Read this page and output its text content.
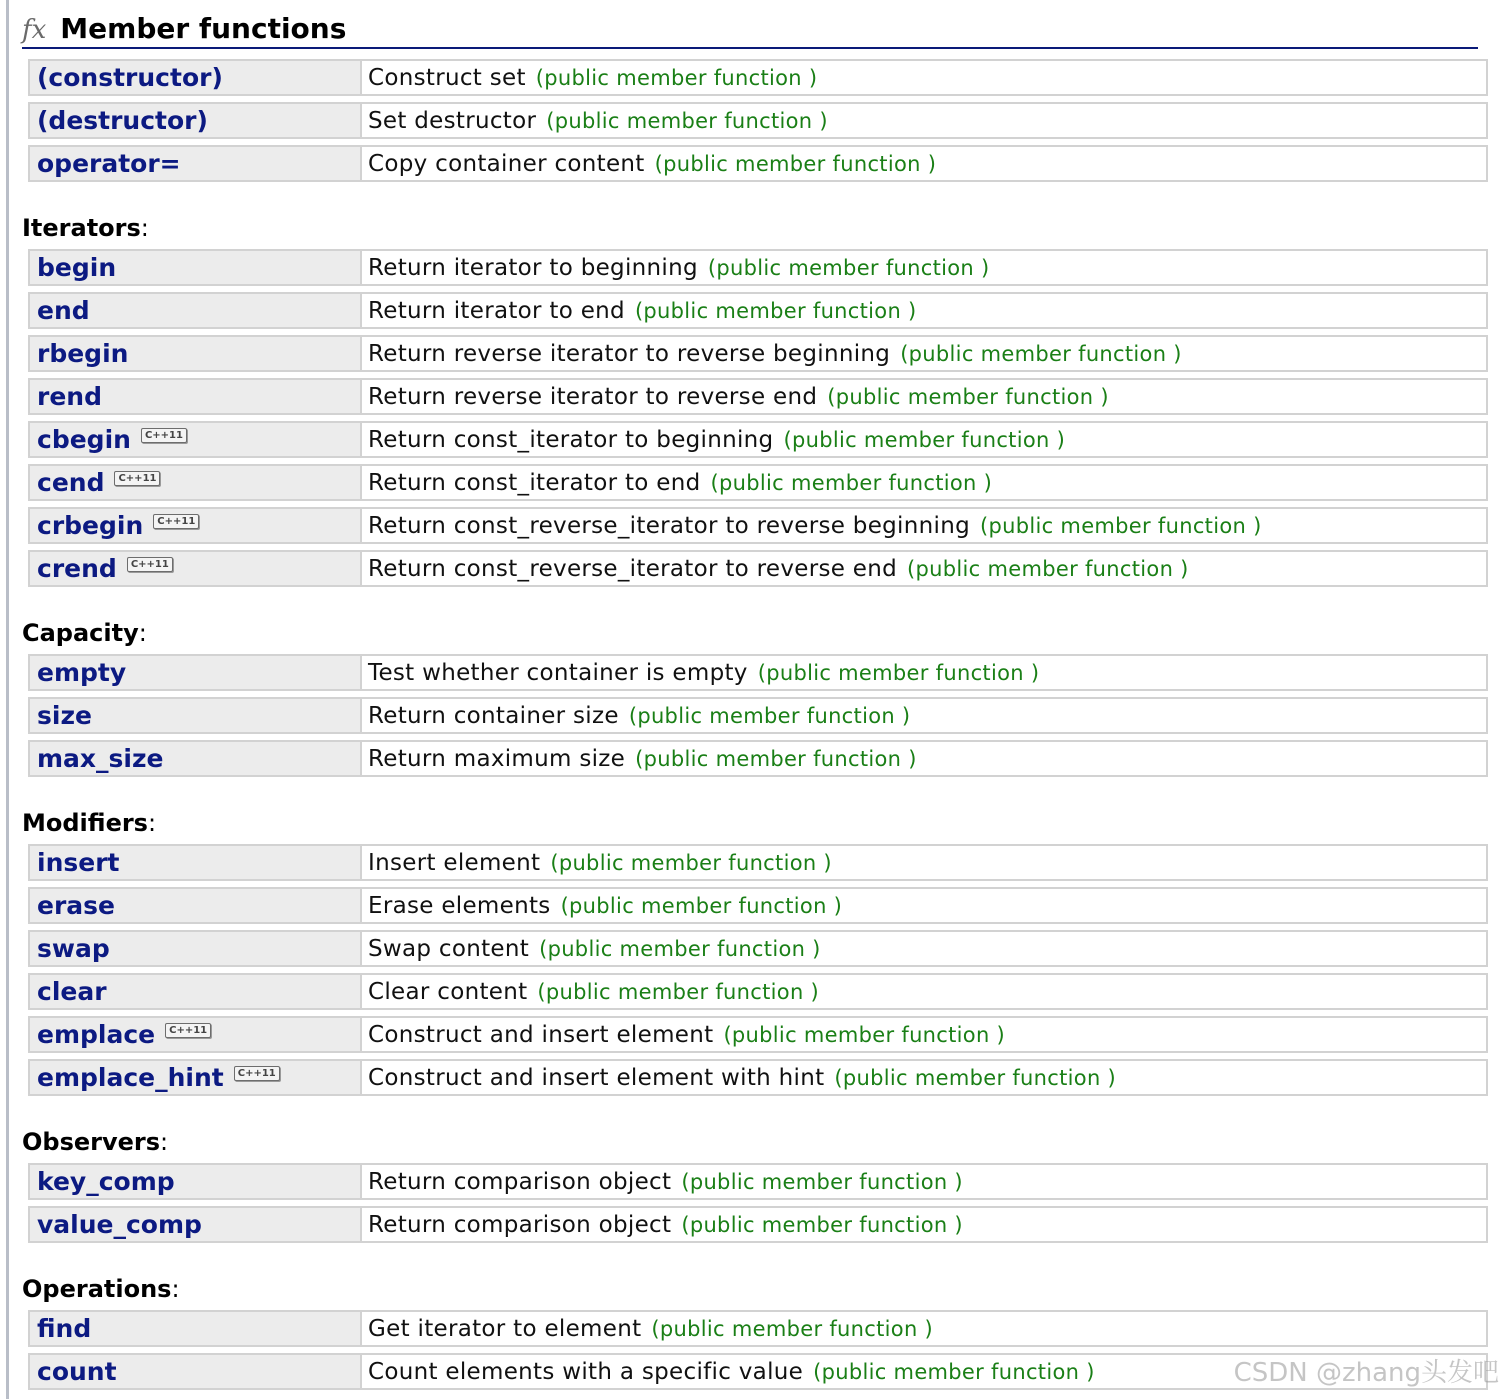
fx Member functions
(constructor)	Construct set (public member function )
(destructor)	Set destructor (public member function )
operator=	Copy container content (public member function )
Iterators:
begin	Return iterator to beginning (public member function )
end	Return iterator to end (public member function )
rbegin	Return reverse iterator to reverse beginning (public member function )
rend	Return reverse iterator to reverse end (public member function )
cbegin	C++11	Return const_iterator to beginning (public member function )
cend	C++11	Return const_iterator to end (public member function )
crbegin	C++11	Return const_reverse_iterator to reverse beginning (public member function )
crend	C++11	Return const_reverse_iterator to reverse end (public member function )
Capacity:
empty	Test whether container is empty (public member function )
size	Return container size (public member function )
max_size	Return maximum size (public member function )
Modifiers:
insert	Insert element (public member function )
erase	Erase elements (public member function )
swap	Swap content (public member function )
clear	Clear content (public member function )
emplace	C++11	Construct and insert element (public member function )
emplace_hint	C++11	Construct and insert element with hint (public member function )
Observers:
key_comp	Return comparison object (public member function )
value_comp	Return comparison object (public member function )
Operations:
find	Get iterator to element (public member function )
count	Count elements with a specific value (public member function )	CSDN @zhang头发吧
